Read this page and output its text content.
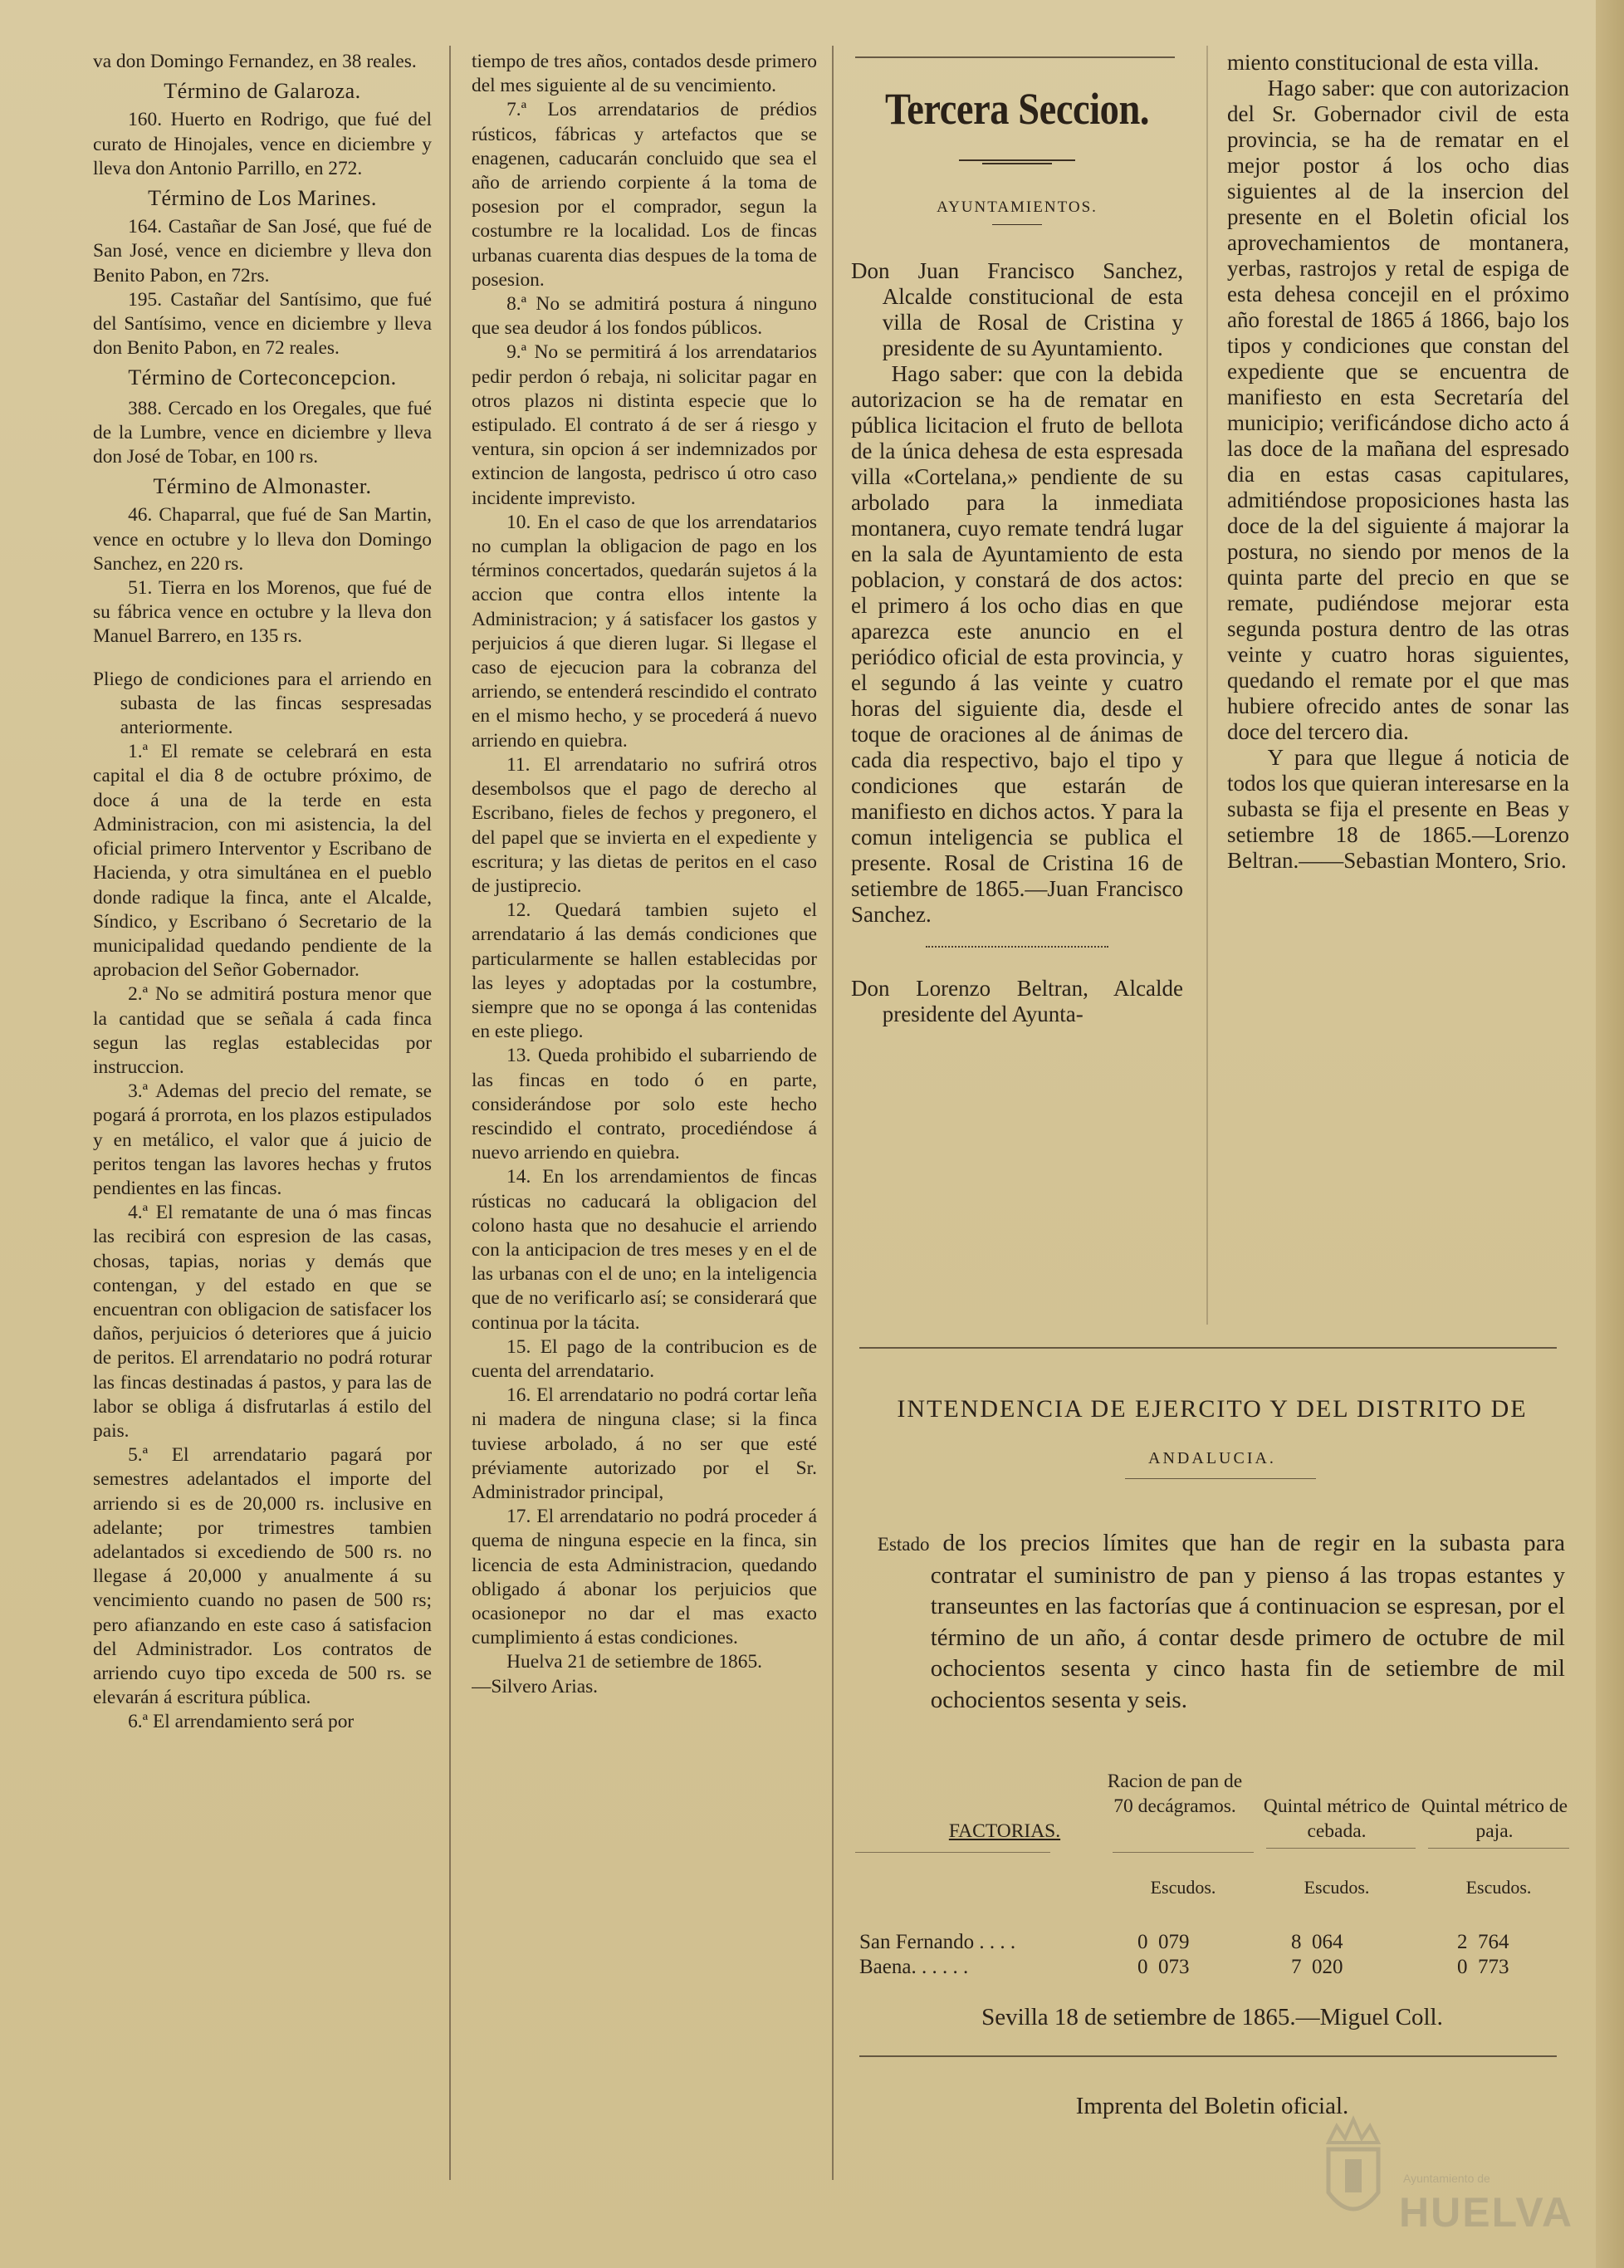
va don Domingo Fernandez, en 38 reales.

Término de Galaroza.

160. Huerto en Rodrigo, que fué del curato de Hinojales, vence en diciembre y lleva don Antonio Parrillo, en 272.

Término de Los Marines.

164. Castañar de San José, que fué de San José, vence en diciembre y lleva don Benito Pabon, en 72rs.

195. Castañar del Santísimo, que fué del Santísimo, vence en diciembre y lleva don Benito Pabon, en 72 reales.

Término de Corteconcepcion.

388. Cercado en los Oregales, que fué de la Lumbre, vence en diciembre y lleva don José de Tobar, en 100 rs.

Término de Almonaster.

46. Chaparral, que fué de San Martin, vence en octubre y lo lleva don Domingo Sanchez, en 220 rs.

51. Tierra en los Morenos, que fué de su fábrica vence en octubre y la lleva don Manuel Barrero, en 135 rs.

Pliego de condiciones para el arriendo en subasta de las fincas sespresadas anteriormente.

1.ª El remate se celebrará en esta capital el dia 8 de octubre próximo, de doce á una de la terde en esta Administracion, con mi asistencia, la del oficial primero Interventor y Escribano de Hacienda, y otra simultánea en el pueblo donde radique la finca, ante el Alcalde, Síndico, y Escribano ó Secretario de la municipalidad quedando pendiente de la aprobacion del Señor Gobernador.

2.ª No se admitirá postura menor que la cantidad que se señala á cada finca segun las reglas establecidas por instruccion.

3.ª Ademas del precio del remate, se pogará á prorrota, en los plazos estipulados y en metálico, el valor que á juicio de peritos tengan las lavores hechas y frutos pendientes en las fincas.

4.ª El rematante de una ó mas fincas las recibirá con espresion de las casas, chosas, tapias, norias y demás que contengan, y del estado en que se encuentran con obligacion de satisfacer los daños, perjuicios ó deteriores que á juicio de peritos. El arrendatario no podrá roturar las fincas destinadas á pastos, y para las de labor se obliga á disfrutarlas á estilo del pais.

5.ª El arrendatario pagará por semestres adelantados el importe del arriendo si es de 20,000 rs. inclusive en adelante; por trimestres tambien adelantados si excediendo de 500 rs. no llegase á 20,000 y anualmente á su vencimiento cuando no pasen de 500 rs; pero afianzando en este caso á satisfacion del Administrador. Los contratos de arriendo cuyo tipo exceda de 500 rs. se elevarán á escritura pública.

6.ª El arrendamiento será por

tiempo de tres años, contados desde primero del mes siguiente al de su vencimiento.

7.ª Los arrendatarios de prédios rústicos, fábricas y artefactos que se enagenen, caducarán concluido que sea el año de arriendo corpiente á la toma de posesion por el comprador, segun la costumbre re la localidad. Los de fincas urbanas cuarenta dias despues de la toma de posesion.

8.ª No se admitirá postura á ninguno que sea deudor á los fondos públicos.

9.ª No se permitirá á los arrendatarios pedir perdon ó rebaja, ni solicitar pagar en otros plazos ni distinta especie que lo estipulado. El contrato á de ser á riesgo y ventura, sin opcion á ser indemnizados por extincion de langosta, pedrisco ú otro caso incidente imprevisto.

10. En el caso de que los arrendatarios no cumplan la obligacion de pago en los términos concertados, quedarán sujetos á la accion que contra ellos intente la Administracion; y á satisfacer los gastos y perjuicios á que dieren lugar. Si llegase el caso de ejecucion para la cobranza del arriendo, se entenderá rescindido el contrato en el mismo hecho, y se procederá á nuevo arriendo en quiebra.

11. El arrendatario no sufrirá otros desembolsos que el pago de derecho al Escribano, fieles de fechos y pregonero, el del papel que se invierta en el expediente y escritura; y las dietas de peritos en el caso de justiprecio.

12. Quedará tambien sujeto el arrendatario á las demás condiciones que particularmente se hallen establecidas por las leyes y adoptadas por la costumbre, siempre que no se oponga á las contenidas en este pliego.

13. Queda prohibido el subarriendo de las fincas en todo ó en parte, considerándose por solo este hecho rescindido el contrato, procediéndose á nuevo arriendo en quiebra.

14. En los arrendamientos de fincas rústicas no caducará la obligacion del colono hasta que no desahucie el arriendo con la anticipacion de tres meses y en el de las urbanas con el de uno; en la inteligencia que de no verificarlo así; se considerará que continua por la tácita.

15. El pago de la contribucion es de cuenta del arrendatario.

16. El arrendatario no podrá cortar leña ni madera de ninguna clase; si la finca tuviese arbolado, á no ser que esté préviamente autorizado por el Sr. Administrador principal,

17. El arrendatario no podrá proceder á quema de ninguna especie en la finca, sin licencia de esta Administracion, quedando obligado á abonar los perjuicios que ocasionepor no dar el mas exacto cumplimiento á estas condiciones.

Huelva 21 de setiembre de 1865.

—Silvero Arias.

Tercera Seccion.

AYUNTAMIENTOS.

Don Juan Francisco Sanchez, Alcalde constitucional de esta villa de Rosal de Cristina y presidente de su Ayuntamiento.

Hago saber: que con la debida autorizacion se ha de rematar en pública licitacion el fruto de bellota de la única dehesa de esta espresada villa «Cortelana,» pendiente de su arbolado para la inmediata montanera, cuyo remate tendrá lugar en la sala de Ayuntamiento de esta poblacion, y constará de dos actos: el primero á los ocho dias en que aparezca este anuncio en el periódico oficial de esta provincia, y el segundo á las veinte y cuatro horas del siguiente dia, desde el toque de oraciones al de ánimas de cada dia respectivo, bajo el tipo y condiciones que estarán de manifiesto en dichos actos. Y para la comun inteligencia se publica el presente. Rosal de Cristina 16 de setiembre de 1865.—Juan Francisco Sanchez.

Don Lorenzo Beltran, Alcalde presidente del Ayunta-

miento constitucional de esta villa.

Hago saber: que con autorizacion del Sr. Gobernador civil de esta provincia, se ha de rematar en el mejor postor á los ocho dias siguientes al de la insercion del presente en el Boletin oficial los aprovechamientos de montanera, yerbas, rastrojos y retal de espiga de esta dehesa concejil en el próximo año forestal de 1865 á 1866, bajo los tipos y condiciones que constan del expediente que se encuentra de manifiesto en esta Secretaría del municipio; verificándose dicho acto á las doce de la mañana del espresado dia en estas casas capitulares, admitiéndose proposiciones hasta las doce de la del siguiente á majorar la postura, no siendo por menos de la quinta parte del precio en que se remate, pudiéndose mejorar esta segunda postura dentro de las otras veinte y cuatro horas siguientes, quedando el remate por el que mas hubiere ofrecido antes de sonar las doce del tercero dia.

Y para que llegue á noticia de todos los que quieran interesarse en la subasta se fija el presente en Beas y setiembre 18 de 1865.—Lorenzo Beltran.——Sebastian Montero, Srio.

INTENDENCIA DE EJERCITO Y DEL DISTRITO DE
ANDALUCIA.

Estado de los precios límites que han de regir en la subasta para contratar el suministro de pan y pienso á las tropas estantes y transeuntes en las factorías que á continuacion se espresan, por el término de un año, á contar desde primero de octubre de mil ochocientos sesenta y cinco hasta fin de setiembre de mil ochocientos sesenta y seis.

FACTORIAS.
Racion de pan de 70 decágramos.	Quintal métrico de cebada.
Quintal métrico de paja.
Escudos.	Escudos.	Escudos.
San Fernando . . . .	0  079	8  064	2  764
Baena. . . . . .	0  073	7  020	0  773
Sevilla 18 de setiembre de 1865.—Miguel Coll.
Imprenta del Boletin oficial.
Ayuntamiento de
HUELVA
